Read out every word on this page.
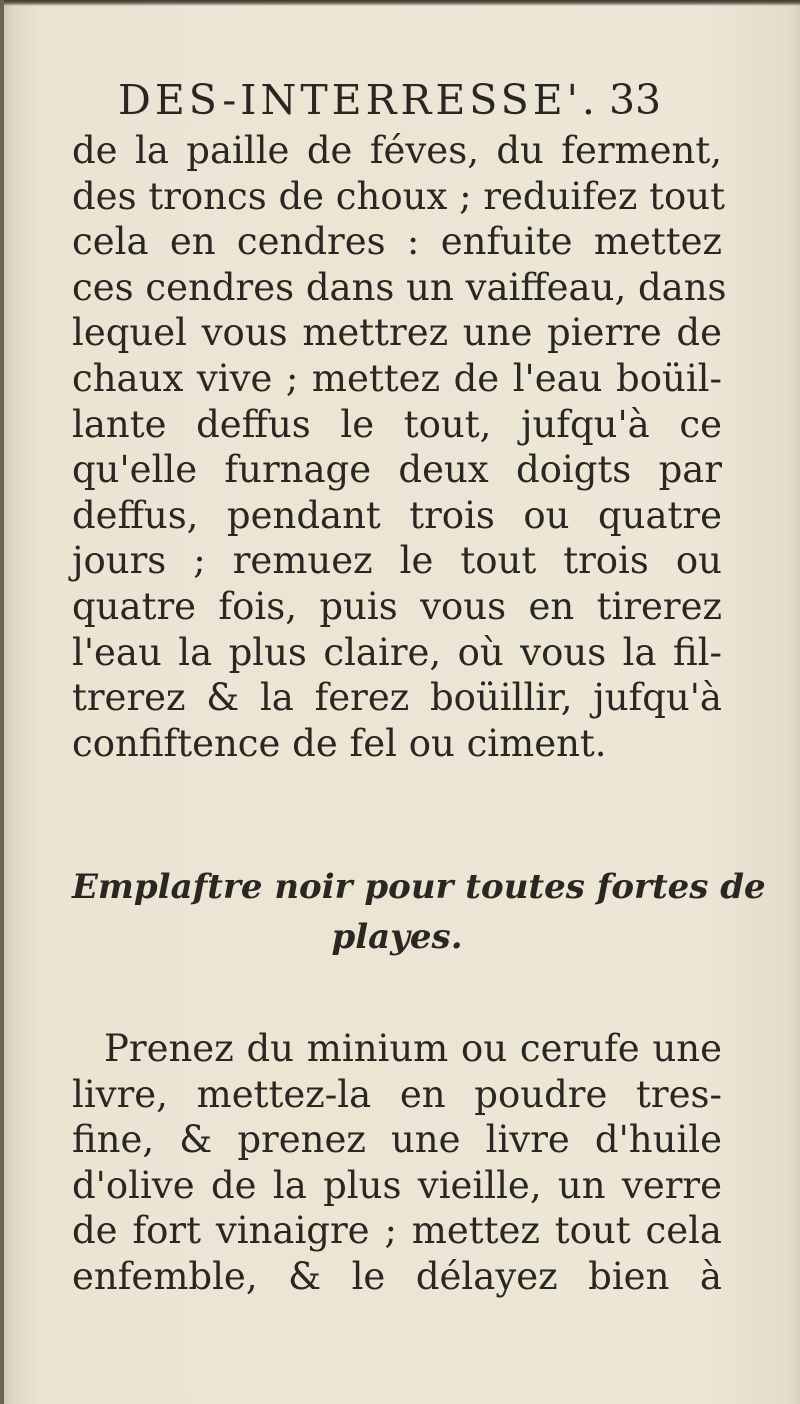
DES-INTERRESSE'. 33
de la paille de féves, du ferment,
des troncs de choux ; reduifez tout
cela en cendres : enfuite mettez
ces cendres dans un vaiffeau, dans
lequel vous mettrez une pierre de
chaux vive ; mettez de l'eau boüil-
lante deffus le tout, jufqu'à ce
qu'elle furnage deux doigts par
deffus, pendant trois ou quatre
jours ; remuez le tout trois ou
quatre fois, puis vous en tirerez
l'eau la plus claire, où vous la fil-
trerez & la ferez boüillir, jufqu'à
confiftence de fel ou ciment.
Emplaftre noir pour toutes fortes de
playes.
Prenez du minium ou cerufe une
livre, mettez-la en poudre tres-
fine, & prenez une livre d'huile
d'olive de la plus vieille, un verre
de fort vinaigre ; mettez tout cela
enfemble, & le délayez bien à
